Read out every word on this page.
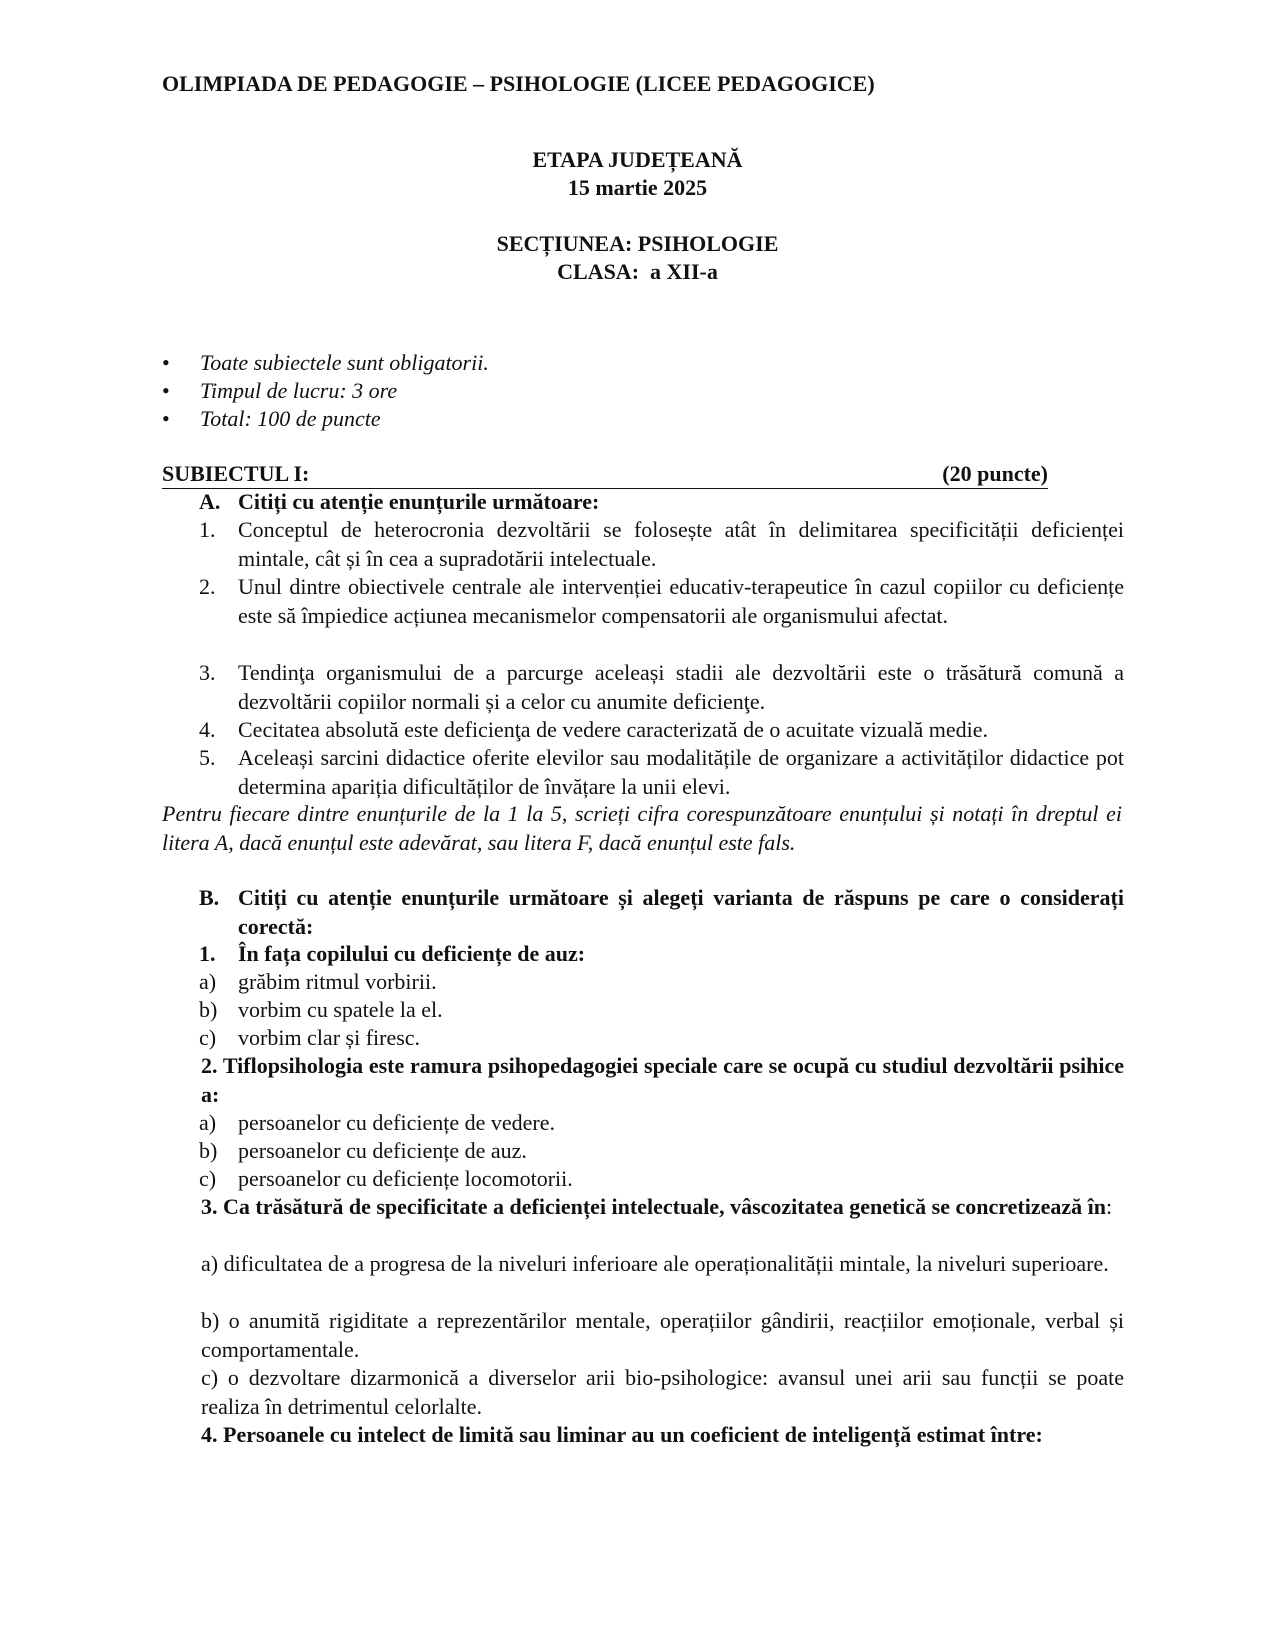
OLIMPIADA DE PEDAGOGIE – PSIHOLOGIE (LICEE PEDAGOGICE)
ETAPA JUDEȚEANĂ
15 martie 2025
SECȚIUNEA: PSIHOLOGIE
CLASA:  a XII-a
• Toate subiectele sunt obligatorii.
• Timpul de lucru: 3 ore
• Total: 100 de puncte
SUBIECTUL I:	(20 puncte)
A. Citiți cu atenție enunțurile următoare:
1.	Conceptul de heterocronia dezvoltării se folosește atât în delimitarea specificității deficienței mintale, cât și în cea a supradotării intelectuale.
2.	Unul dintre obiectivele centrale ale intervenției educativ-terapeutice în cazul copiilor cu deficiențe este să împiedice acțiunea mecanismelor compensatorii ale organismului afectat.
3.	Tendinţa organismului de a parcurge aceleași stadii ale dezvoltării este o trăsătură comună a dezvoltării copiilor normali și a celor cu anumite deficienţe.
4.	Cecitatea absolută este deficienţa de vedere caracterizată de o acuitate vizuală medie.
5.	Aceleași sarcini didactice oferite elevilor sau modalitățile de organizare a activităților didactice pot determina apariția dificultăților de învățare la unii elevi.
Pentru fiecare dintre enunțurile de la 1 la 5, scrieți cifra corespunzătoare enunțului și notați în dreptul ei litera A, dacă enunțul este adevărat, sau litera F, dacă enunțul este fals.
B. Citiți cu atenție enunțurile următoare și alegeți varianta de răspuns pe care o considerați corectă:
1.	În fața copilului cu deficiențe de auz:
a) grăbim ritmul vorbirii.
b) vorbim cu spatele la el.
c) vorbim clar și firesc.
2. Tiflopsihologia este ramura psihopedagogiei speciale care se ocupă cu studiul dezvoltării psihice a:
a) persoanelor cu deficiențe de vedere.
b) persoanelor cu deficiențe de auz.
c) persoanelor cu deficiențe locomotorii.
3. Ca trăsătură de specificitate a deficienței intelectuale, vâscozitatea genetică se concretizează în:
a) dificultatea de a progresa de la niveluri inferioare ale operaționalității mintale, la niveluri superioare.
b) o anumită rigiditate a reprezentărilor mentale, operațiilor gândirii, reacțiilor emoționale, verbal și comportamentale.
c) o dezvoltare dizarmonică a diverselor arii bio-psihologice: avansul unei arii sau funcții se poate realiza în detrimentul celorlalte.
4. Persoanele cu intelect de limită sau liminar au un coeficient de inteligență estimat între:
